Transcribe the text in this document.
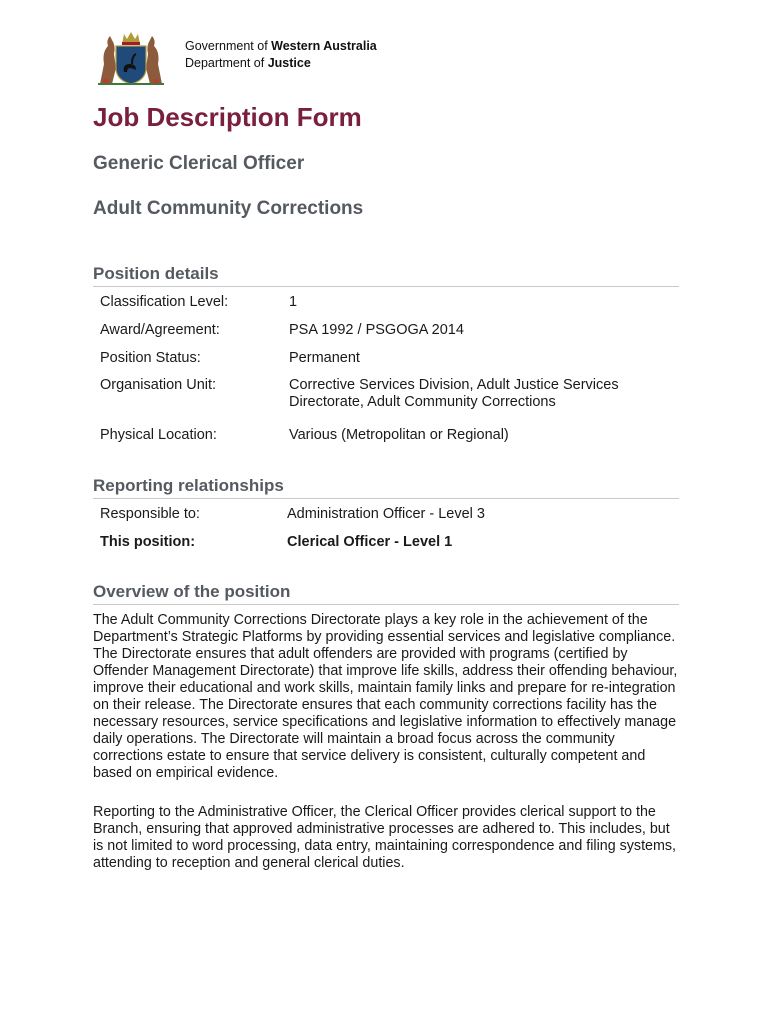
Government of Western Australia
Department of Justice
Job Description Form
Generic Clerical Officer
Adult Community Corrections
Position details
Classification Level:	1
Award/Agreement:	PSA 1992 / PSGOGA 2014
Position Status:	Permanent
Organisation Unit:	Corrective Services Division, Adult Justice Services Directorate, Adult Community Corrections
Physical Location:	Various (Metropolitan or Regional)
Reporting relationships
Responsible to:	Administration Officer - Level 3
This position:	Clerical Officer - Level 1
Overview of the position

The Adult Community Corrections Directorate plays a key role in the achievement of the Department’s Strategic Platforms by providing essential services and legislative compliance. The Directorate ensures that adult offenders are provided with programs (certified by Offender Management Directorate) that improve life skills, address their offending behaviour, improve their educational and work skills, maintain family links and prepare for re-integration on their release. The Directorate ensures that each community corrections facility has the necessary resources, service specifications and legislative information to effectively manage daily operations. The Directorate will maintain a broad focus across the community corrections estate to ensure that service delivery is consistent, culturally competent and based on empirical evidence.

Reporting to the Administrative Officer, the Clerical Officer provides clerical support to the Branch, ensuring that approved administrative processes are adhered to. This includes, but is not limited to word processing, data entry, maintaining correspondence and filing systems, attending to reception and general clerical duties.
